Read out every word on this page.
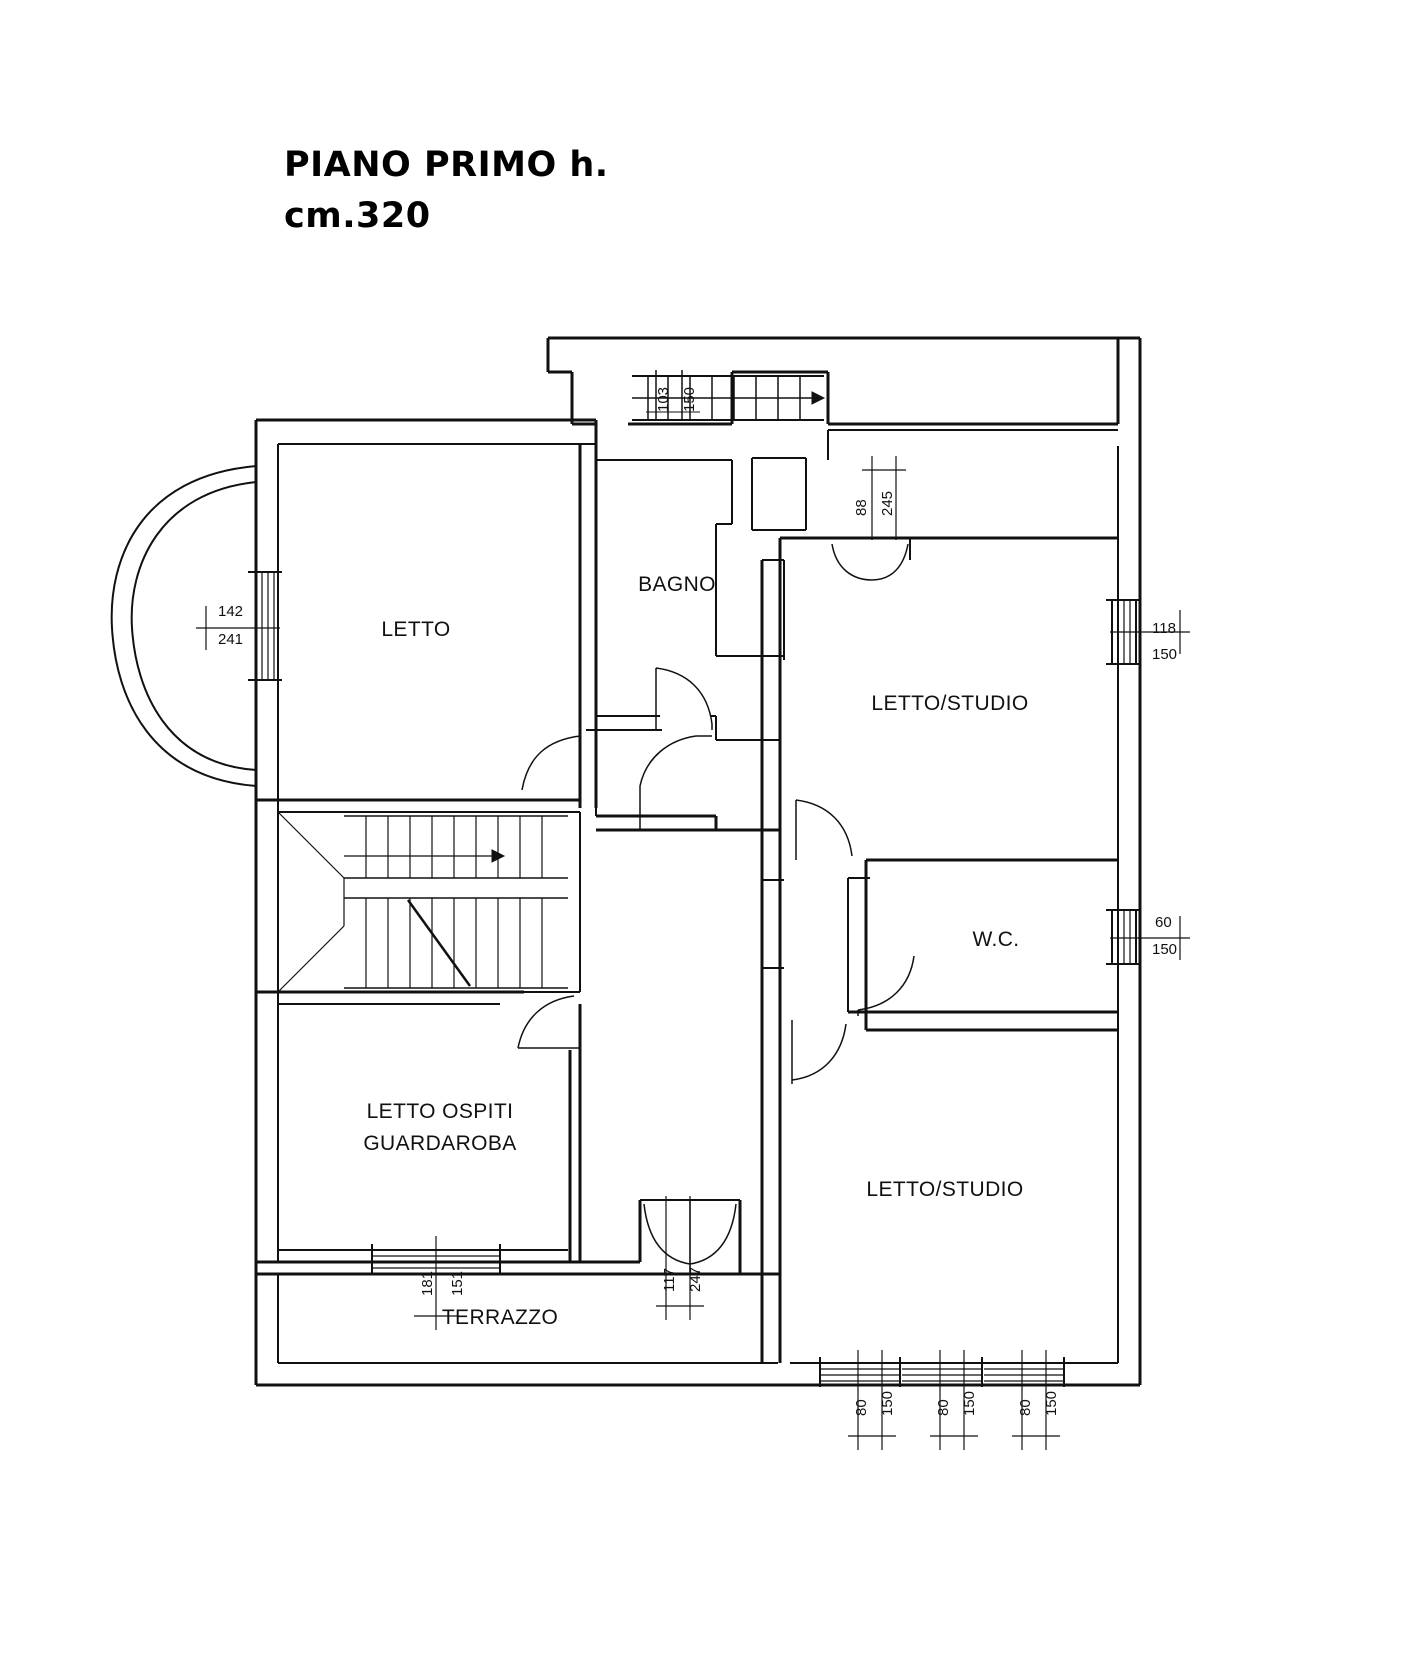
PIANO PRIMO h.
cm.320
LETTO
BAGNO
LETTO/STUDIO
W.C.
LETTO OSPITI
GUARDAROBA
LETTO/STUDIO
TERRAZZO
103 150
88 245
142
241
118
150
60
150
181 151	117 247
80 150	80 150	80 150
